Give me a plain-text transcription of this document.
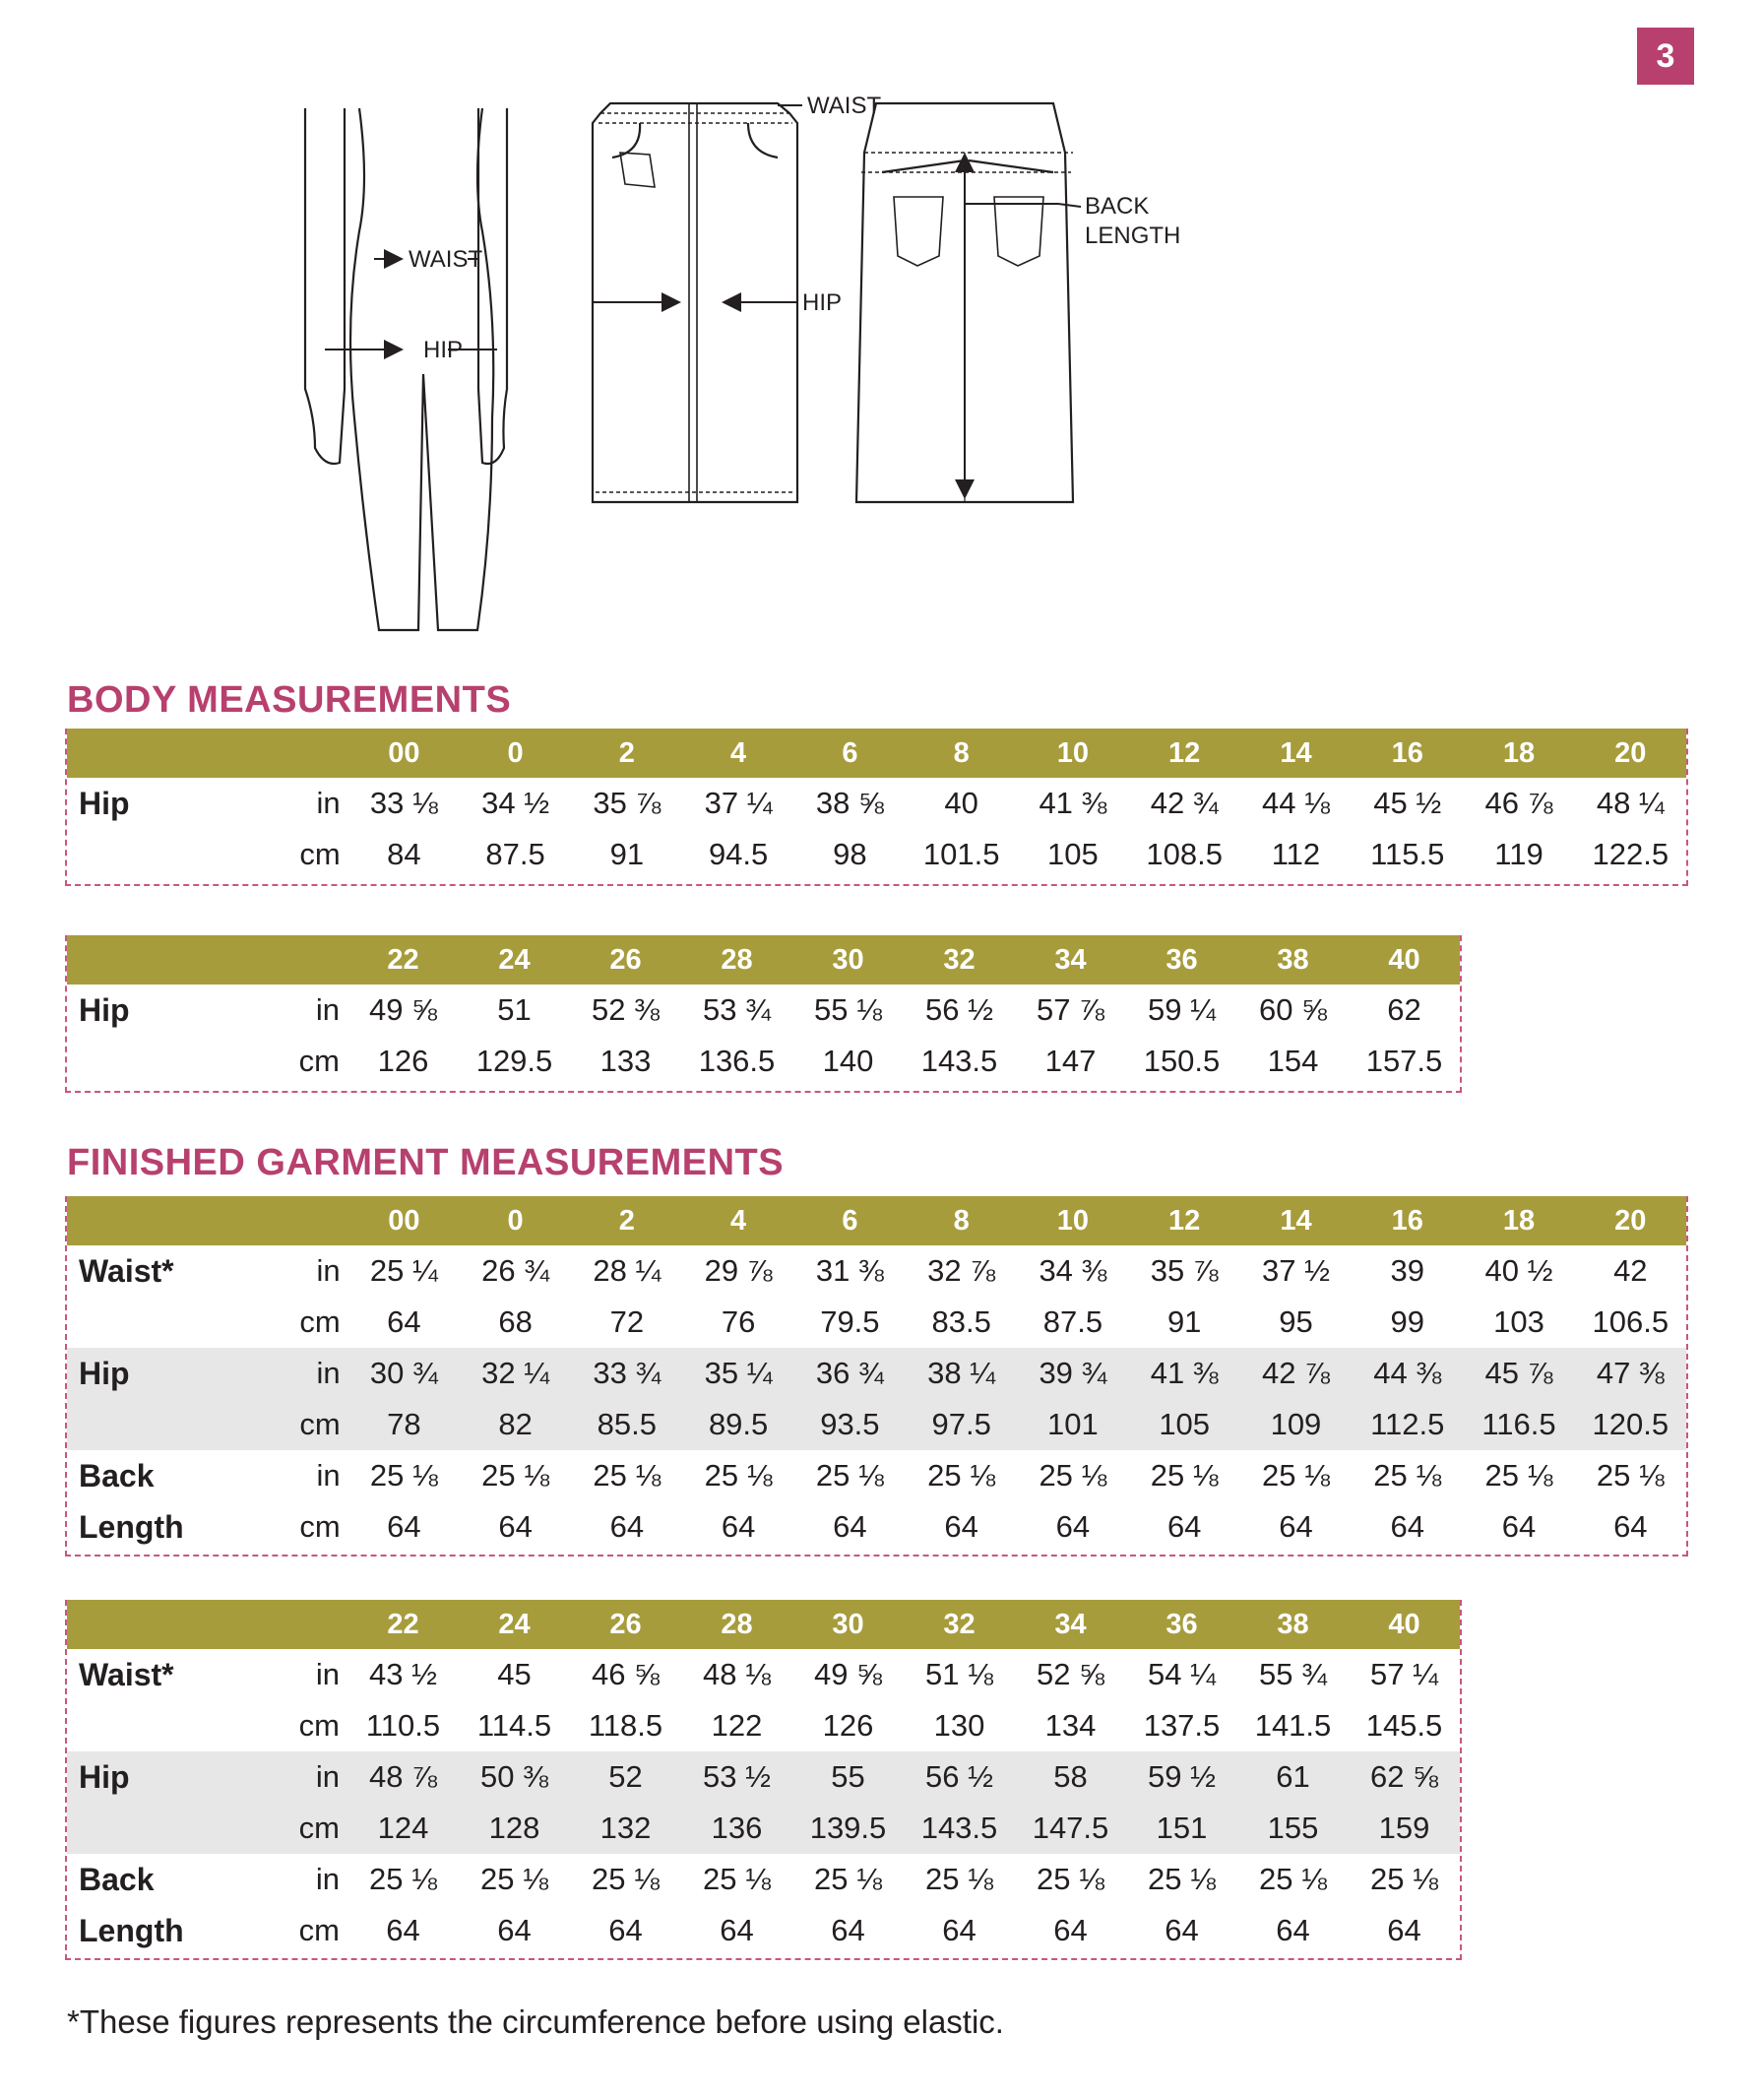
3
WAIST
HIP
WAIST
HIP
BACK
LENGTH
BODY MEASUREMENTS
		00	0	2	4	6	8	10	12	14	16	18	20
Hip	in	33 ⅛	34 ½	35 ⅞	37 ¼	38 ⅝	40	41 ⅜	42 ¾	44 ⅛	45 ½	46 ⅞	48 ¼
	cm	84	87.5	91	94.5	98	101.5	105	108.5	112	115.5	119	122.5
		22	24	26	28	30	32	34	36	38	40
Hip	in	49 ⅝	51	52 ⅜	53 ¾	55 ⅛	56 ½	57 ⅞	59 ¼	60 ⅝	62
	cm	126	129.5	133	136.5	140	143.5	147	150.5	154	157.5
FINISHED GARMENT MEASUREMENTS
		00	0	2	4	6	8	10	12	14	16	18	20
Waist*	in	25 ¼	26 ¾	28 ¼	29 ⅞	31 ⅜	32 ⅞	34 ⅜	35 ⅞	37 ½	39	40 ½	42
	cm	64	68	72	76	79.5	83.5	87.5	91	95	99	103	106.5
Hip	in	30 ¾	32 ¼	33 ¾	35 ¼	36 ¾	38 ¼	39 ¾	41 ⅜	42 ⅞	44 ⅜	45 ⅞	47 ⅜
	cm	78	82	85.5	89.5	93.5	97.5	101	105	109	112.5	116.5	120.5
Back	in	25 ⅛	25 ⅛	25 ⅛	25 ⅛	25 ⅛	25 ⅛	25 ⅛	25 ⅛	25 ⅛	25 ⅛	25 ⅛	25 ⅛
Length	cm	64	64	64	64	64	64	64	64	64	64	64	64
		22	24	26	28	30	32	34	36	38	40
Waist*	in	43 ½	45	46 ⅝	48 ⅛	49 ⅝	51 ⅛	52 ⅝	54 ¼	55 ¾	57 ¼
	cm	110.5	114.5	118.5	122	126	130	134	137.5	141.5	145.5
Hip	in	48 ⅞	50 ⅜	52	53 ½	55	56 ½	58	59 ½	61	62 ⅝
	cm	124	128	132	136	139.5	143.5	147.5	151	155	159
Back	in	25 ⅛	25 ⅛	25 ⅛	25 ⅛	25 ⅛	25 ⅛	25 ⅛	25 ⅛	25 ⅛	25 ⅛
Length	cm	64	64	64	64	64	64	64	64	64	64
*These figures represents the circumference before using elastic.
